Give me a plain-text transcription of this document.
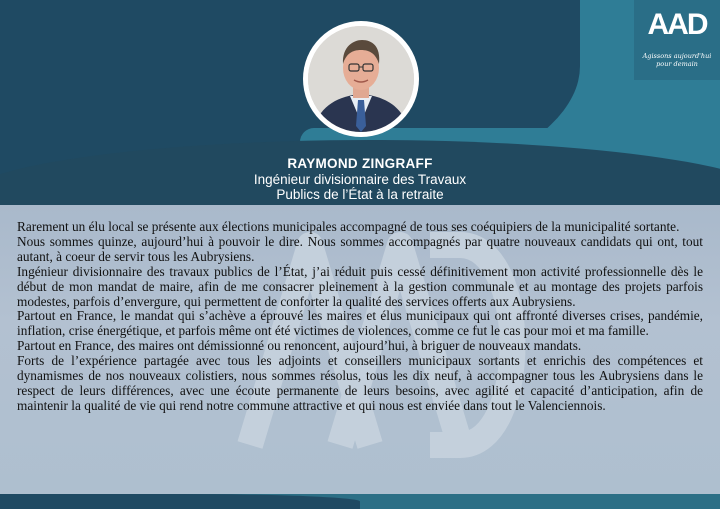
AAD
Agissons aujourd'hui
pour demain
RAYMOND ZINGRAFF
Ingénieur divisionnaire des Travaux
Publics de l’État à la retraite

Rarement un élu local se présente aux élections municipales accompagné de tous ses coéquipiers de la municipalité sortante.

Nous sommes quinze, aujourd’hui à pouvoir le dire. Nous sommes accompagnés par quatre nouveaux candidats qui ont, tout autant, à coeur de servir tous les Aubrysiens.

Ingénieur divisionnaire des travaux publics de l’État, j’ai réduit puis cessé définitivement mon activité professionnelle dès le début de mon mandat de maire, afin de me consacrer pleinement à la gestion communale et au montage des projets parfois modestes, parfois d’envergure, qui permettent de conforter la qualité des services offerts aux Aubrysiens.

Partout en France, le mandat qui s’achève a éprouvé les maires et élus municipaux qui ont affronté diverses crises, pandémie, inflation, crise énergétique, et parfois même ont été victimes de violences, comme ce fut le cas pour moi et ma famille.

Partout en France, des maires ont démissionné ou renoncent, aujourd’hui, à briguer de nouveaux mandats.

Forts de l’expérience partagée avec tous les adjoints et conseillers municipaux sortants et enrichis des compétences et dynamismes de nos nouveaux colistiers, nous sommes résolus, tous les dix neuf, à accompagner tous les Aubrysiens dans le respect de leurs différences, avec une écoute permanente de leurs besoins, avec agilité et capacité d’anticipation, afin de maintenir la qualité de vie qui rend notre commune attractive et qui nous est enviée dans tout le Valenciennois.
